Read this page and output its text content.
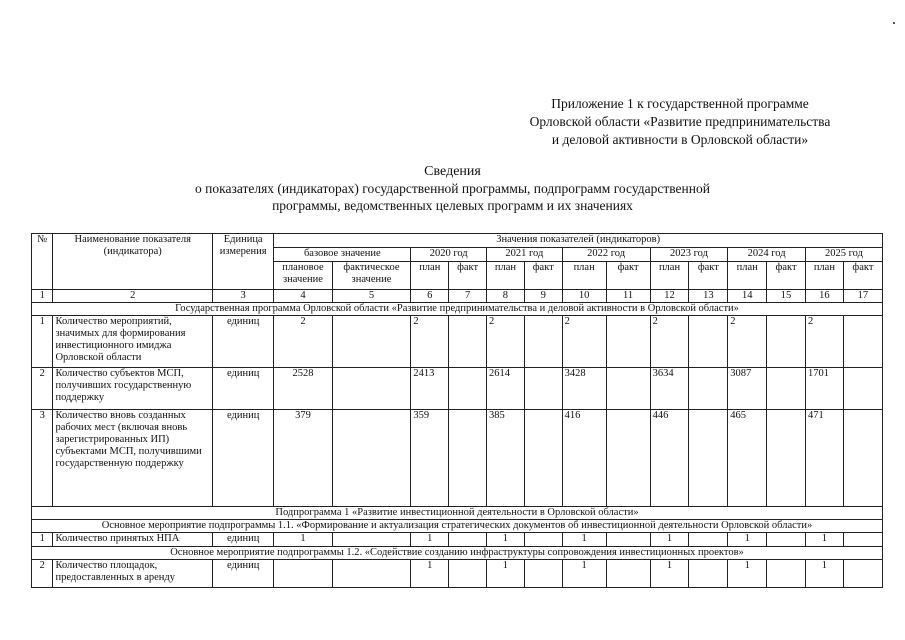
Приложение 1 к государственной программе
Орловской области «Развитие предпринимательства
и деловой активности в Орловской области»
Сведения
о показателях (индикаторах) государственной программы, подпрограмм государственной
программы, ведомственных целевых программ и их значениях
№	Наименование показателя (индикатора)	Единица измерения	Значения показателей (индикаторов)													
			базовое значение		2020 год		2021 год		2022 год		2023 год		2024 год		2025 год	
			плановое значение	фактическое значение	план	факт	план	факт	план	факт	план	факт	план	факт	план	факт
1	2	3	4	5	6	7	8	9	10	11	12	13	14	15	16	17
Государственная программа Орловской области «Развитие предпринимательства и деловой активности в Орловской области»																
1	Количество мероприятий, значимых для формирования инвестиционного имиджа Орловской области	единиц	2		2		2		2		2		2		2	
2	Количество субъектов МСП, получивших государственную поддержку	единиц	2528		2413		2614		3428		3634		3087		1701	
3	Количество вновь созданных рабочих мест (включая вновь зарегистрированных ИП) субъектами МСП, получившими государственную поддержку	единиц	379		359		385		416		446		465		471	
Подпрограмма 1 «Развитие инвестиционной деятельности в Орловской области»																
Основное мероприятие подпрограммы 1.1. «Формирование и актуализация стратегических документов об инвестиционной деятельности Орловской области»																
1	Количество принятых НПА	единиц	1		1		1		1		1		1		1	
Основное мероприятие подпрограммы 1.2. «Содействие созданию инфраструктуры сопровождения инвестиционных проектов»																
2	Количество площадок, предоставленных в аренду	единиц			1		1		1		1		1		1	
